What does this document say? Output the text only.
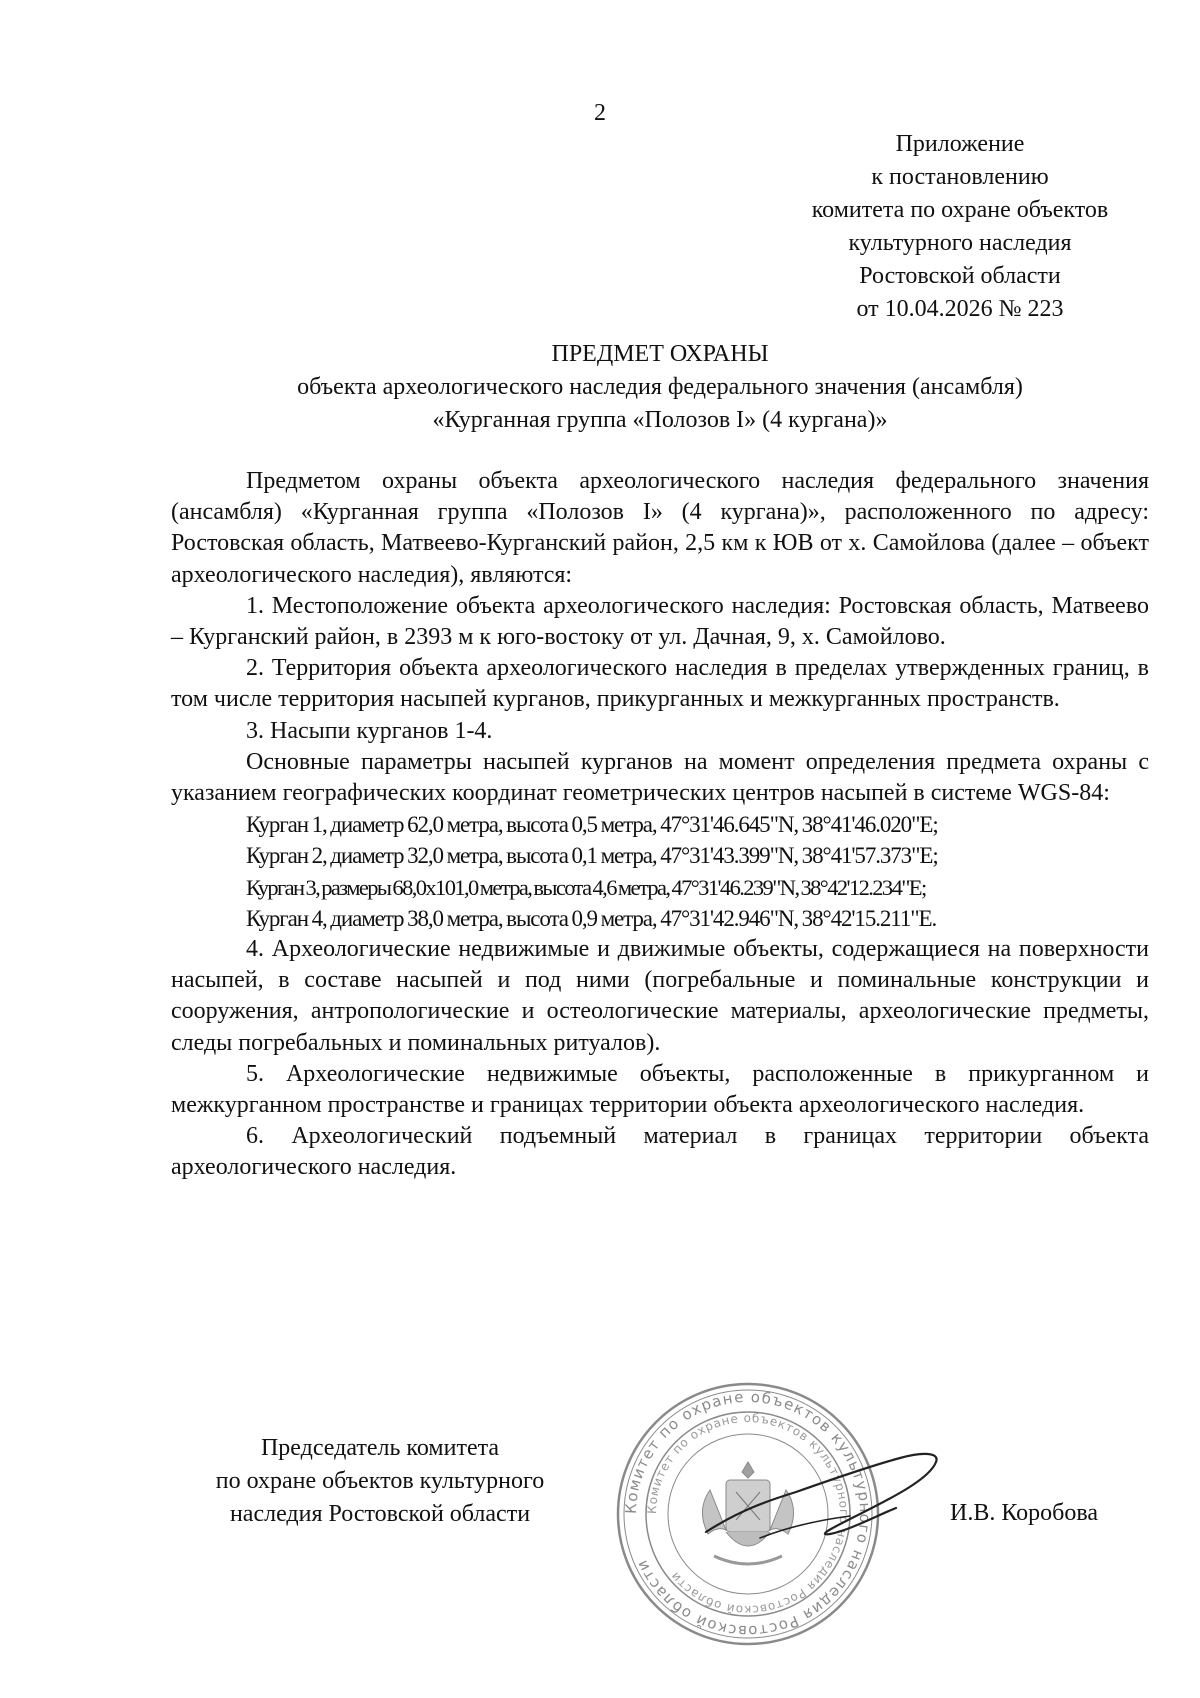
2
Приложение
к постановлению
комитета по охране объектов
культурного наследия
Ростовской области
от 10.04.2026 № 223
ПРЕДМЕТ ОХРАНЫ
объекта археологического наследия федерального значения (ансамбля)
«Курганная группа «Полозов I» (4 кургана)»

Предметом охраны объекта археологического наследия федерального значения (ансамбля) «Курганная группа «Полозов I» (4 кургана)», расположенного по адресу: Ростовская область, Матвеево-Курганский район, 2,5 км к ЮВ от х. Самойлова (далее – объект археологического наследия), являются:

1. Местоположение объекта археологического наследия: Ростовская область, Матвеево – Курганский район, в 2393 м к юго-востоку от ул. Дачная, 9, х. Самойлово.

2. Территория объекта археологического наследия в пределах утвержденных границ, в том числе территория насыпей курганов, прикурганных и межкурганных пространств.

3. Насыпи курганов 1-4.

Основные параметры насыпей курганов на момент определения предмета охраны с указанием географических координат геометрических центров насыпей в системе WGS-84:

Курган 1, диаметр 62,0 метра, высота 0,5 метра, 47°31'46.645"N, 38°41'46.020"E;
Курган 2, диаметр 32,0 метра, высота 0,1 метра, 47°31'43.399"N, 38°41'57.373"E;
Курган 3, размеры 68,0х101,0 метра, высота 4,6 метра, 47°31'46.239"N, 38°42'12.234"E;
Курган 4, диаметр 38,0 метра, высота 0,9 метра, 47°31'42.946"N, 38°42'15.211"E.

4. Археологические недвижимые и движимые объекты, содержащиеся на поверхности насыпей, в составе насыпей и под ними (погребальные и поминальные конструкции и сооружения, антропологические и остеологические материалы, археологические предметы, следы погребальных и поминальных ритуалов).

5. Археологические недвижимые объекты, расположенные в прикурганном и межкурганном пространстве и границах территории объекта археологического наследия.

6. Археологический подъемный материал в границах территории объекта археологического наследия.

Председатель комитета
по охране объектов культурного
наследия Ростовской области	Комитет по охране объектов культурного наследия Ростовской области
Комитет по охране объектов культурного наследия Ростовской области
И.В. Коробова
